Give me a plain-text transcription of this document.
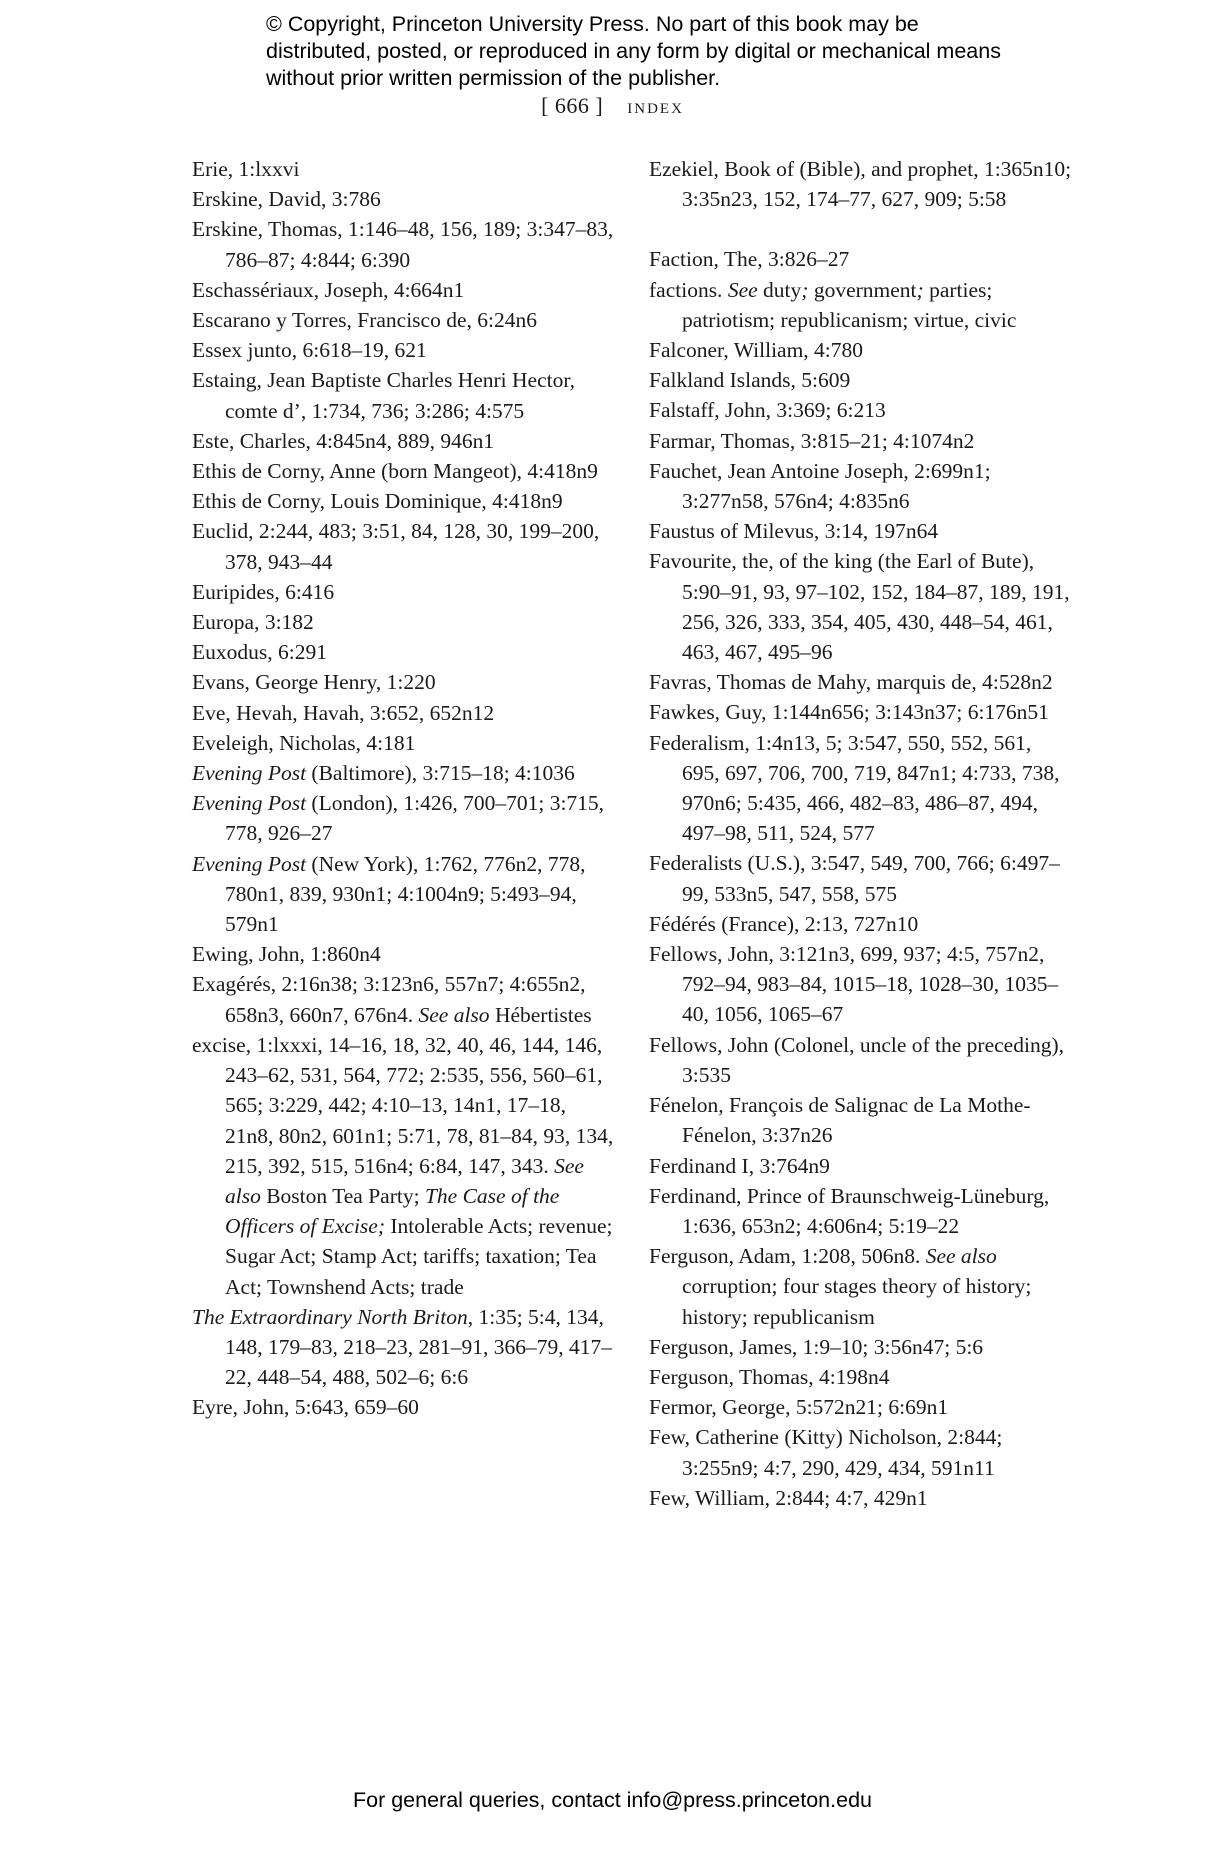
© Copyright, Princeton University Press. No part of this book may be distributed, posted, or reproduced in any form by digital or mechanical means without prior written permission of the publisher.
[ 666 ] index
Erie, 1:lxxvi
Erskine, David, 3:786
Erskine, Thomas, 1:146–48, 156, 189; 3:347–83, 786–87; 4:844; 6:390
Eschassériaux, Joseph, 4:664n1
Escarano y Torres, Francisco de, 6:24n6
Essex junto, 6:618–19, 621
Estaing, Jean Baptiste Charles Henri Hector, comte d’, 1:734, 736; 3:286; 4:575
Este, Charles, 4:845n4, 889, 946n1
Ethis de Corny, Anne (born Mangeot), 4:418n9
Ethis de Corny, Louis Dominique, 4:418n9
Euclid, 2:244, 483; 3:51, 84, 128, 30, 199–200, 378, 943–44
Euripides, 6:416
Europa, 3:182
Euxodus, 6:291
Evans, George Henry, 1:220
Eve, Hevah, Havah, 3:652, 652n12
Eveleigh, Nicholas, 4:181
Evening Post (Baltimore), 3:715–18; 4:1036
Evening Post (London), 1:426, 700–701; 3:715, 778, 926–27
Evening Post (New York), 1:762, 776n2, 778, 780n1, 839, 930n1; 4:1004n9; 5:493–94, 579n1
Ewing, John, 1:860n4
Exagérés, 2:16n38; 3:123n6, 557n7; 4:655n2, 658n3, 660n7, 676n4. See also Hébertistes
excise, 1:lxxxi, 14–16, 18, 32, 40, 46, 144, 146, 243–62, 531, 564, 772; 2:535, 556, 560–61, 565; 3:229, 442; 4:10–13, 14n1, 17–18, 21n8, 80n2, 601n1; 5:71, 78, 81–84, 93, 134, 215, 392, 515, 516n4; 6:84, 147, 343. See also Boston Tea Party; The Case of the Officers of Excise; Intolerable Acts; revenue; Sugar Act; Stamp Act; tariffs; taxation; Tea Act; Townshend Acts; trade
The Extraordinary North Briton, 1:35; 5:4, 134, 148, 179–83, 218–23, 281–91, 366–79, 417–22, 448–54, 488, 502–6; 6:6
Eyre, John, 5:643, 659–60
Ezekiel, Book of (Bible), and prophet, 1:365n10; 3:35n23, 152, 174–77, 627, 909; 5:58
Faction, The, 3:826–27
factions. See duty; government; parties; patriotism; republicanism; virtue, civic
Falconer, William, 4:780
Falkland Islands, 5:609
Falstaff, John, 3:369; 6:213
Farmar, Thomas, 3:815–21; 4:1074n2
Fauchet, Jean Antoine Joseph, 2:699n1; 3:277n58, 576n4; 4:835n6
Faustus of Milevus, 3:14, 197n64
Favourite, the, of the king (the Earl of Bute), 5:90–91, 93, 97–102, 152, 184–87, 189, 191, 256, 326, 333, 354, 405, 430, 448–54, 461, 463, 467, 495–96
Favras, Thomas de Mahy, marquis de, 4:528n2
Fawkes, Guy, 1:144n656; 3:143n37; 6:176n51
Federalism, 1:4n13, 5; 3:547, 550, 552, 561, 695, 697, 706, 700, 719, 847n1; 4:733, 738, 970n6; 5:435, 466, 482–83, 486–87, 494, 497–98, 511, 524, 577
Federalists (U.S.), 3:547, 549, 700, 766; 6:497–99, 533n5, 547, 558, 575
Fédérés (France), 2:13, 727n10
Fellows, John, 3:121n3, 699, 937; 4:5, 757n2, 792–94, 983–84, 1015–18, 1028–30, 1035–40, 1056, 1065–67
Fellows, John (Colonel, uncle of the preceding), 3:535
Fénelon, François de Salignac de La Mothe-Fénelon, 3:37n26
Ferdinand I, 3:764n9
Ferdinand, Prince of Braunschweig-Lüneburg, 1:636, 653n2; 4:606n4; 5:19–22
Ferguson, Adam, 1:208, 506n8. See also corruption; four stages theory of history; history; republicanism
Ferguson, James, 1:9–10; 3:56n47; 5:6
Ferguson, Thomas, 4:198n4
Fermor, George, 5:572n21; 6:69n1
Few, Catherine (Kitty) Nicholson, 2:844; 3:255n9; 4:7, 290, 429, 434, 591n11
Few, William, 2:844; 4:7, 429n1
For general queries, contact info@press.princeton.edu
